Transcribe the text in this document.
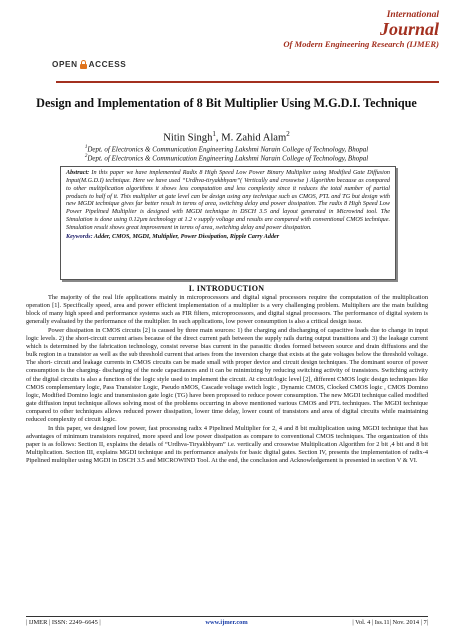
OPEN ACCESS
International
Journal
Of Modern Engineering Research (IJMER)
Design and Implementation of 8 Bit Multiplier Using M.G.D.I. Technique
Nitin Singh$^1$, M. Zahid Alam$^2$
$^1$Dept. of Electronics & Communication Engineering Lakshmi Narain College of Technology, Bhopal
$^2$Dept. of Electronics & Communication Engineering Lakshmi Narain College of Technology, Bhopal
Abstract: In this paper we have implemented Radix 8 High Speed Low Power Binary Multiplier using Modified Gate Diffusion Input(M.G.D.I) technique. Here we have used “Urdhva-tiryakbhyam”( Vertically and crosswise ) Algorithm because as compared to other multiplication algorithms it shows less computation and less complexity since it reduces the total number of partial products to half of it. This multiplier at gate level can be design using any technique such as CMOS, PTL and TG but design with new MGDI technique gives far better result in terms of area, switching delay and power dissipation. The radix 8 High Speed Low Power Pipelined Multiplier is designed with MGDI technique in DSCH 3.5 and layout generated in Microwind tool. The Simulation is done using 0.12µm technology at 1.2 v supply voltage and results are compared with conventional CMOS technique. Simulation result shows great improvement in terms of area, switching delay and power dissipation.
Keywords: Adder, CMOS, MGDI, Multiplier, Power Dissipation, Ripple Carry Adder
I. INTRODUCTION

The majority of the real life applications mainly in microprocessors and digital signal processors require the computation of the multiplication operation [1]. Specifically speed, area and power efficient implementation of a multiplier is a very challenging problem. Multipliers are the main building block of many high speed and performance systems such as FIR filters, microprocessors, and digital signal processors. The performance of digital system is generally evaluated by the performance of the multiplier. In such applications, low power consumption is also a critical design issue.

Power dissipation in CMOS circuits [2] is caused by three main sources: 1) the charging and discharging of capacitive loads due to change in input logic levels. 2) the short-circuit current arises because of the direct current path between the supply rails during output transitions and 3) the leakage current which is determined by the fabrication technology, consist reverse bias current in the parasitic diodes formed between source and drain diffusions and the bulk region in a transistor as well as the sub threshold current that arises from the inversion charge that exists at the gate voltages below the threshold voltage. The short- circuit and leakage currents in CMOS circuits can be made small with proper device and circuit design techniques. The dominant source of power consumption is the charging- discharging of the node capacitances and it can be minimizing by reducing switching activity of transistors. Switching activity of the digital circuits is also a function of the logic style used to implement the circuit. At circuit/logic level [2], different CMOS logic design techniques like CMOS complementary logic, Pass Transistor Logic, Pseudo nMOS, Cascade voltage switch logic , Dynamic CMOS, Clocked CMOS logic , CMOS Domino logic, Modified Domino logic and transmission gate logic (TG) have been proposed to reduce power consumption. The new MGDI technique called modified gate diffusion input technique allows solving most of the problems occurring in above mentioned various CMOS and PTL techniques. The MGDI technique compared to other techniques allows reduced power dissipation, lower time delay, lower count of transistors and area of digital circuits while maintaining reduced complexity of circuit logic.

In this paper, we designed low power, fast processing radix 4 Pipelined Multiplier for 2, 4 and 8 bit multiplication using MGDI technique that has advantages of minimum transistors required, more speed and low power dissipation as compare to conventional CMOS techniques. The organization of this paper is as follows: Section II, explains the details of “Urdhva-Tiryakbhyam” i.e. vertically and crosswise Multiplication Algorithm for 2 bit ,4 bit and 8 bit Multiplication. Section III, explains MGDI technique and its performance analysis for basic digital gates. Section IV, presents the implementation of radix-4 Pipelined multiplier using MGDI in DSCH 3.5 and MICROWIND Tool. At the end, the conclusion and Acknowledgement is presented in section V & VI.

| IJMER | ISSN: 2249–6645 |	www.ijmer.com	| Vol. 4 | Iss.11| Nov. 2014 | 7|
